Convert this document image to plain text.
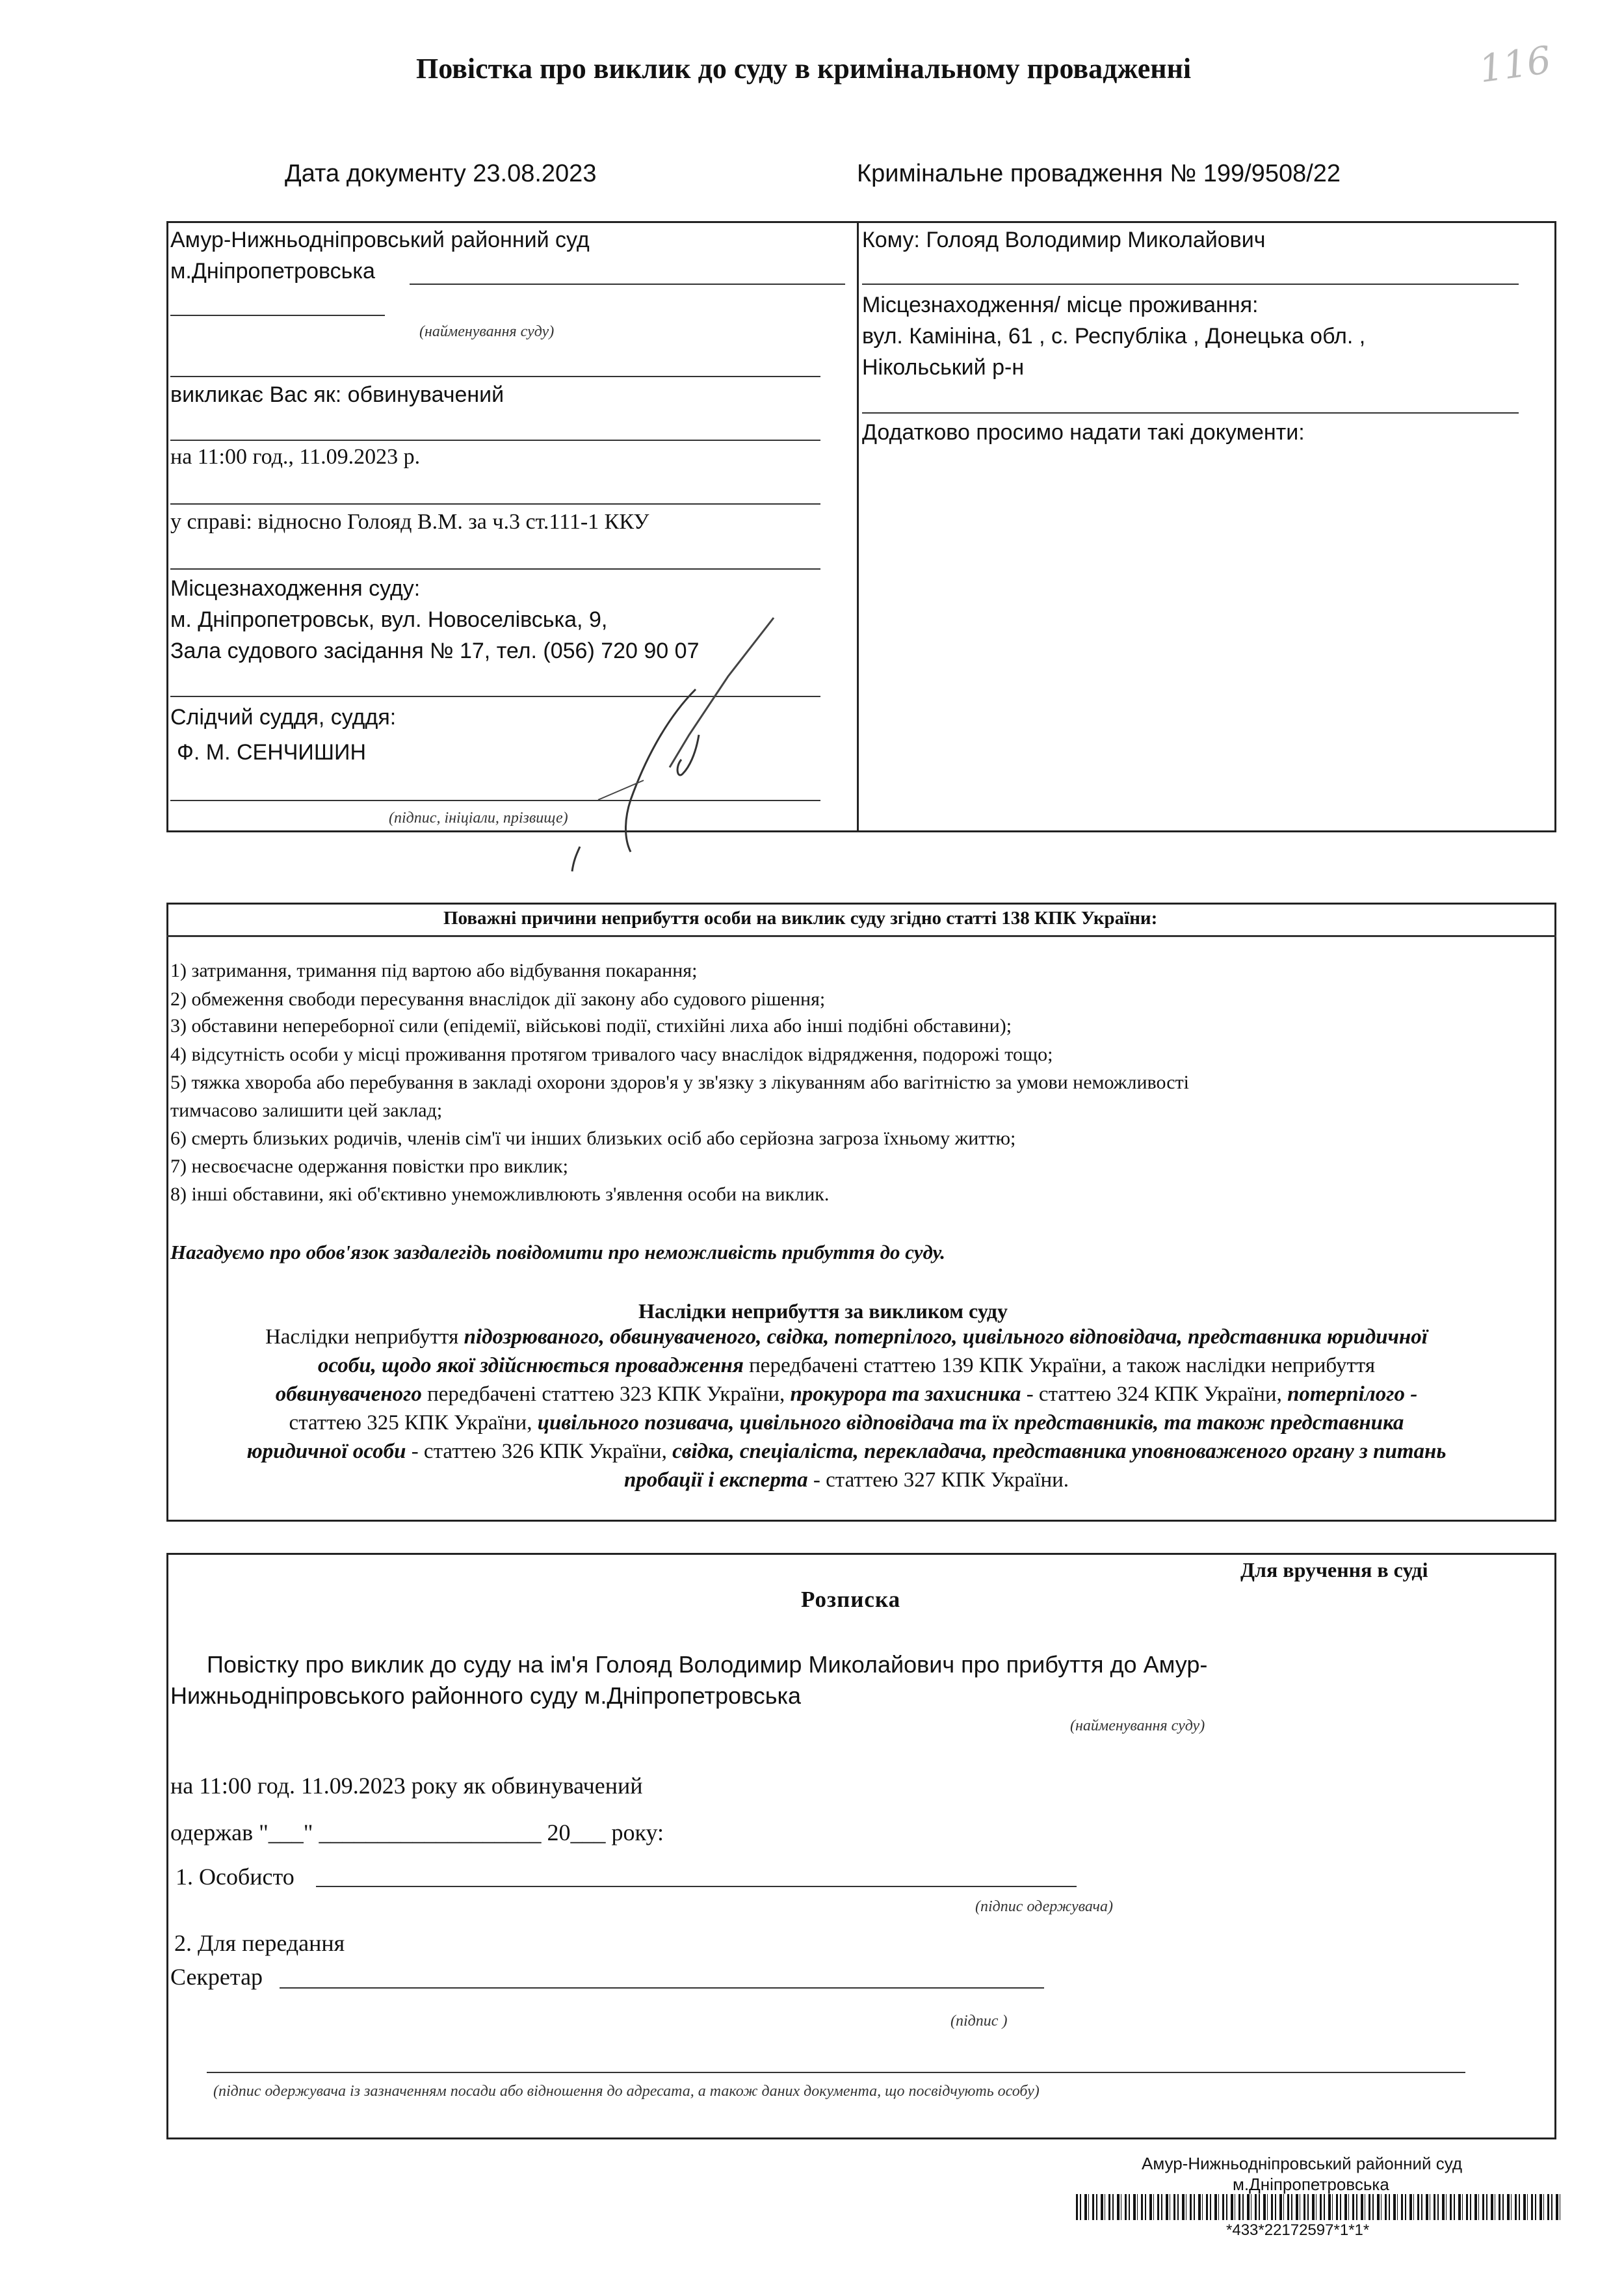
Повістка про виклик до суду в кримінальному провадженні	116
Дата документу 23.08.2023	Кримінальне провадження № 199/9508/22
Амур-Нижньодніпровський районний суд
м.Дніпропетровська
(найменування суду)
викликає Вас як: обвинувачений
на 11:00 год., 11.09.2023 р.
у справі: відносно Голояд В.М. за ч.3 ст.111-1 ККУ
Місцезнаходження суду:
м. Дніпропетровськ, вул. Новоселівська, 9,
Зала судового засідання № 17, тел. (056) 720 90 07
Слідчий суддя, суддя:
Ф. М. СЕНЧИШИН
(підпис, ініціали, прізвище)
Кому: Голояд Володимир Миколайович
Місцезнаходження/ місце проживання:
вул. Камініна, 61 , с. Республіка , Донецька обл. ,
Нікольський р-н
Додатково просимо надати такі документи:
Поважні причини неприбуття особи на виклик суду згідно статті 138 КПК України:
1) затримання, тримання під вартою або відбування покарання;
2) обмеження свободи пересування внаслідок дії закону або судового рішення;
3) обставини непереборної сили (епідемії, військові події, стихійні лиха або інші подібні обставини);
4) відсутність особи у місці проживання протягом тривалого часу внаслідок відрядження, подорожі тощо;
5) тяжка хвороба або перебування в закладі охорони здоров'я у зв'язку з лікуванням або вагітністю за умови неможливості
тимчасово залишити цей заклад;
6) смерть близьких родичів, членів сім'ї чи інших близьких осіб або серйозна загроза їхньому життю;
7) несвоєчасне одержання повістки про виклик;
8) інші обставини, які об'єктивно унеможливлюють з'явлення особи на виклик.
Нагадуємо про обов'язок заздалегідь повідомити про неможливість прибуття до суду.
Наслідки неприбуття за викликом суду
Наслідки неприбуття підозрюваного, обвинуваченого, свідка, потерпілого, цивільного відповідача, представника юридичної
особи, щодо якої здійснюється провадження передбачені статтею 139 КПК України, а також наслідки неприбуття
обвинуваченого передбачені статтею 323 КПК України, прокурора та захисника - статтею 324 КПК України, потерпілого -
статтею 325 КПК України, цивільного позивача, цивільного відповідача та їх представників, та також представника
юридичної особи - статтею 326 КПК України, свідка, спеціаліста, перекладача, представника уповноваженого органу з питань
пробації і експерта - статтею 327 КПК України.
Для вручення в суді
Розписка
Повістку про виклик до суду на ім'я Голояд Володимир Миколайович про прибуття до Амур-
Нижньодніпровського районного суду м.Дніпропетровська
(найменування суду)
на 11:00 год. 11.09.2023 року як обвинувачений
одержав "___" ___________________ 20___ року:
1. Особисто
(підпис одержувача)
2. Для передання
Секретар
(підпис )
(підпис одержувача із зазначенням посади або відношення до адресата, а також даних документа, що посвідчують особу)
Амур-Нижньодніпровський районний суд
м.Дніпропетровська
*433*22172597*1*1*
